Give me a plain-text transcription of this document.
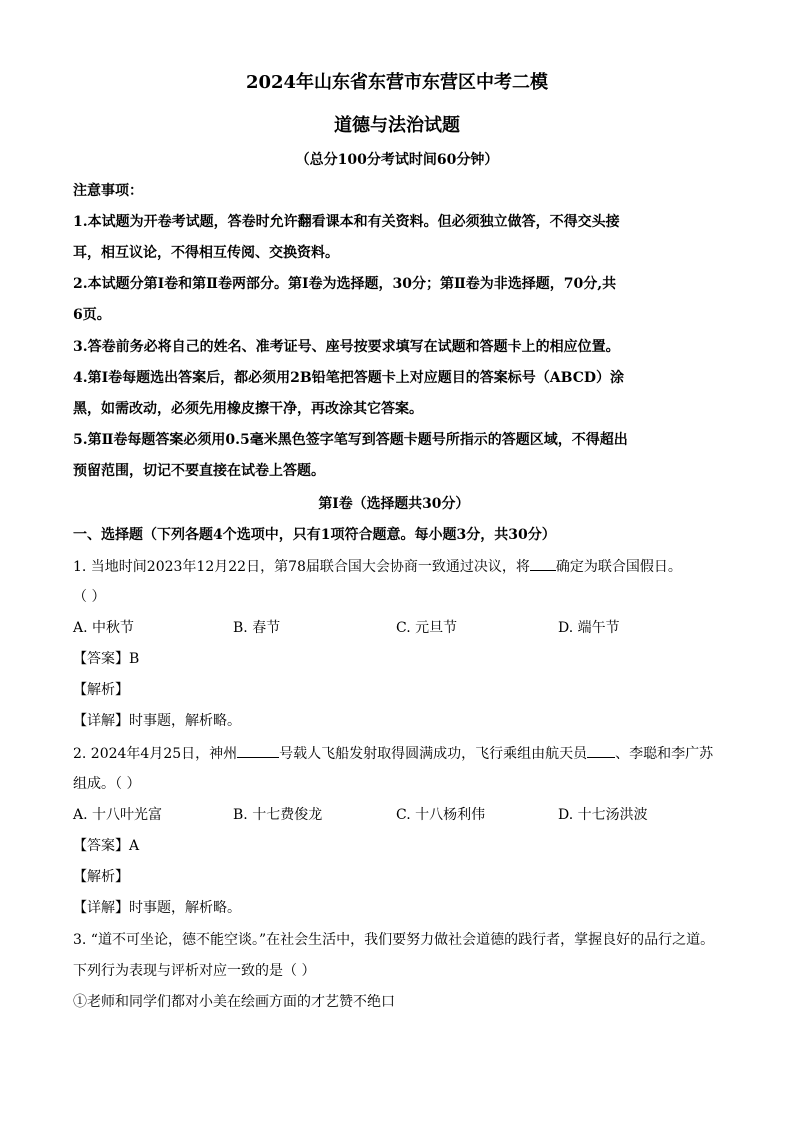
2024年山东省东营市东营区中考二模
道德与法治试题
（总分100分考试时间60分钟）
注意事项：
1.本试题为开卷考试题，答卷时允许翻看课本和有关资料。但必须独立做答，不得交头接
耳，相互议论，不得相互传阅、交换资料。
2.本试题分第Ⅰ卷和第Ⅱ卷两部分。第Ⅰ卷为选择题，30分；第Ⅱ卷为非选择题，70分,共
6页。
3.答卷前务必将自己的姓名、准考证号、座号按要求填写在试题和答题卡上的相应位置。
4.第Ⅰ卷每题选出答案后，都必须用2B铅笔把答题卡上对应题目的答案标号（ABCD）涂
黑，如需改动，必须先用橡皮擦干净，再改涂其它答案。
5.第Ⅱ卷每题答案必须用0.5毫米黑色签字笔写到答题卡题号所指示的答题区域，不得超出
预留范围，切记不要直接在试卷上答题。
第Ⅰ卷（选择题共30分）
一、选择题（下列各题4个选项中，只有1项符合题意。每小题3分，共30分）
1. 当地时间2023年12月22日，第78届联合国大会协商一致通过决议，将 确定为联合国假日。
（ ）
A. 中秋节	B. 春节	C. 元旦节	D. 端午节
【答案】B
【解析】
【详解】时事题，解析略。
2. 2024年4月25日，神州	号载人飞船发射取得圆满成功，飞行乘组由航天员 、李聪和李广苏
组成。（ ）
A. 十八叶光富	B. 十七费俊龙	C. 十八杨利伟	D. 十七汤洪波
【答案】A
【解析】
【详解】时事题，解析略。
3. “道不可坐论，德不能空谈。”在社会生活中，我们要努力做社会道德的践行者，掌握良好的品行之道。
下列行为表现与评析对应一致的是（ ）
①老师和同学们都对小美在绘画方面的才艺赞不绝口
